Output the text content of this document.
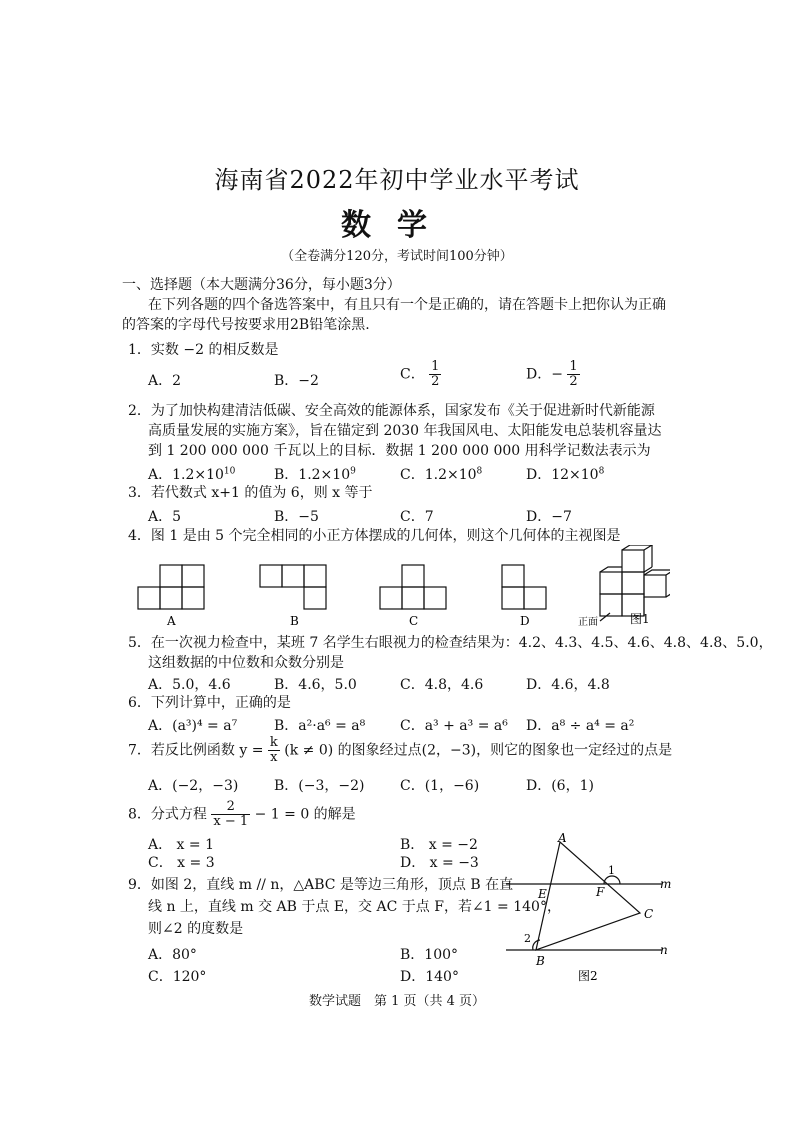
海南省2022年初中学业水平考试
数学
（全卷满分120分，考试时间100分钟）
一、选择题（本大题满分36分，每小题3分）
在下列各题的四个备选答案中，有且只有一个是正确的，请在答题卡上把你认为正确
的答案的字母代号按要求用2B铅笔涂黑.
1．实数 −2 的相反数是
A．2	B．−2	C． $\frac{1}{2}$	D．− $\frac{1}{2}$
2．为了加快构建清洁低碳、安全高效的能源体系，国家发布《关于促进新时代新能源
高质量发展的实施方案》，旨在锚定到 2030 年我国风电、太阳能发电总装机容量达
到 1 200 000 000 千瓦以上的目标．数据 1 200 000 000 用科学记数法表示为
A．$1.2\times 10^{10}$	B．$1.2\times 10^9$	C．$1.2\times 10^8$	D．$12\times 10^8$
3．若代数式 x+1 的值为 6，则 x 等于
A．5	B．−5	C．7	D．−7
4．图 1 是由 5 个完全相同的小正方体摆成的几何体，则这个几何体的主视图是
A	B	C	D	正面	图1
5．在一次视力检查中，某班 7 名学生右眼视力的检查结果为：4.2、4.3、4.5、4.6、4.8、4.8、5.0，
这组数据的中位数和众数分别是
A．5.0，4.6	B．4.6，5.0	C．4.8，4.6	D．4.6，4.8
6．下列计算中，正确的是
A．(a³)⁴ = a⁷	B．a²·a⁶ = a⁸ C．a³ + a³ = a⁶ D．a⁸ ÷ a⁴ = a²
7．若反比例函数 $y = \frac{k}{x} (k \ne 0)$ 的图象经过点(2，−3)，则它的图象也一定经过的点是
A．(−2，−3)	B．(−3，−2)	C．(1，−6)	D．(6，1)
8．分式方程 $\frac{2}{x - 1} - 1 = 0$ 的解是
A． x = 1	B． x = −2
C． x = 3	D． x = −3
9．如图 2，直线 m // n，△ABC 是等边三角形，顶点 B 在直
线 n 上，直线 m 交 AB 于点 E，交 AC 于点 F，若∠1 = 140°，
则∠2 的度数是
A．80°	B．100°
C．120°	D．140°
A
B
C
E	F
m
n
1
2
图2
数学试题　第 1 页（共 4 页）
